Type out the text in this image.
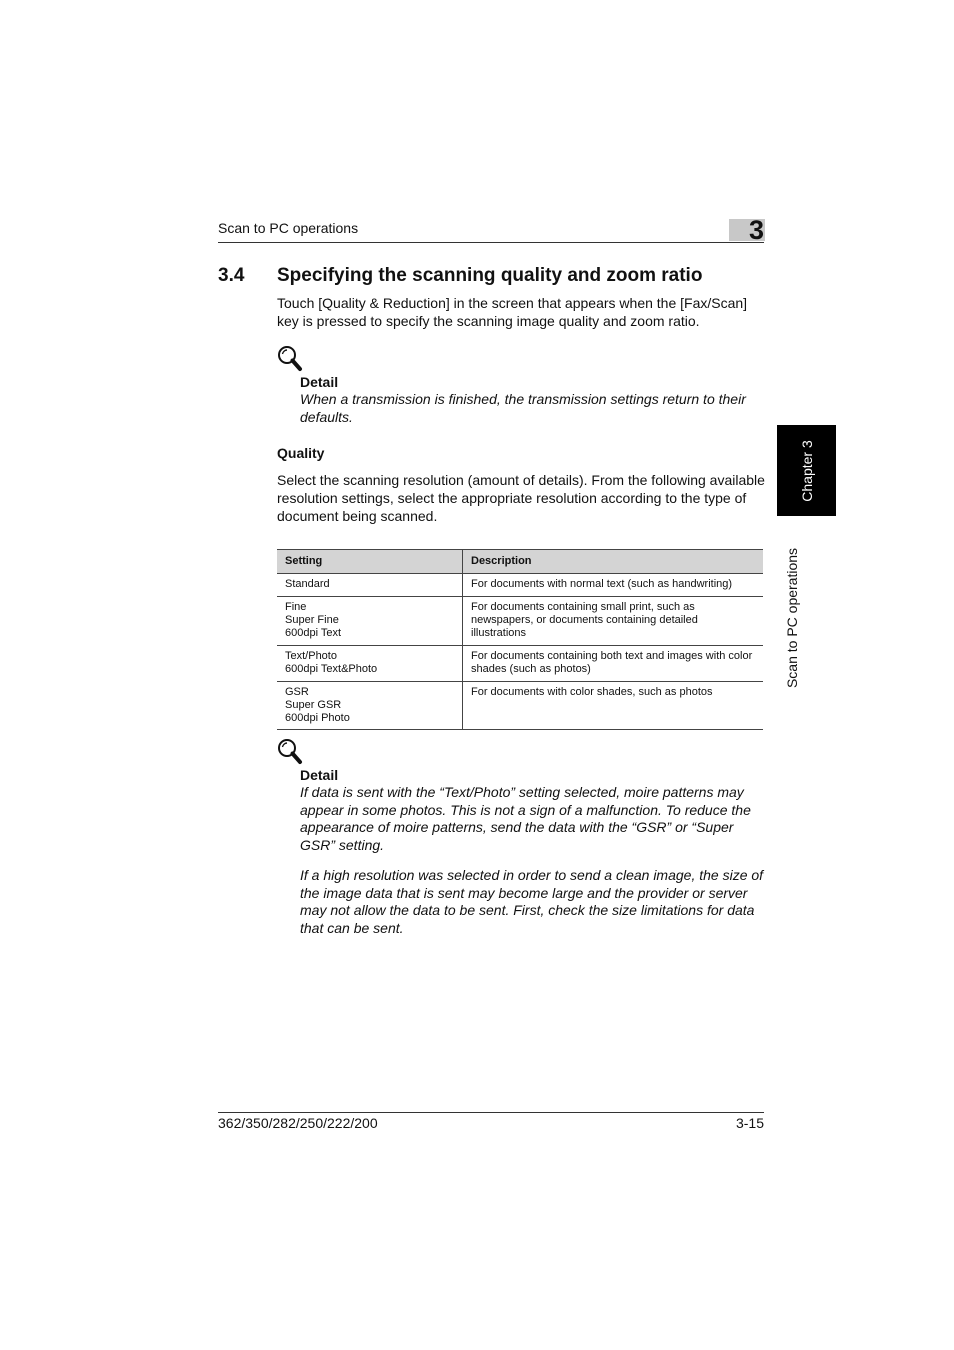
Scan to PC operations	3
3.4 Specifying the scanning quality and zoom ratio
Touch [Quality & Reduction] in the screen that appears when the [Fax/Scan] key is pressed to specify the scanning image quality and zoom ratio.
Detail
When a transmission is finished, the transmission settings return to their defaults.
Quality
Select the scanning resolution (amount of details). From the following available resolution settings, select the appropriate resolution according to the type of document being scanned.
Setting	Description

Standard	For documents with normal text (such as handwriting)

Fine
Super Fine
600dpi Text	For documents containing small print, such as newspapers, or documents containing detailed illustrations

Text/Photo
600dpi Text&Photo	For documents containing both text and images with color shades (such as photos)

GSR
Super GSR
600dpi Photo	For documents with color shades, such as photos
Detail
If data is sent with the “Text/Photo” setting selected, moire patterns may appear in some photos. This is not a sign of a malfunction. To reduce the appearance of moire patterns, send the data with the “GSR” or “Super GSR” setting.
If a high resolution was selected in order to send a clean image, the size of the image data that is sent may become large and the provider or server may not allow the data to be sent. First, check the size limitations for data that can be sent.
Chapter 3
Scan to PC operations
362/350/282/250/222/200	3-15
